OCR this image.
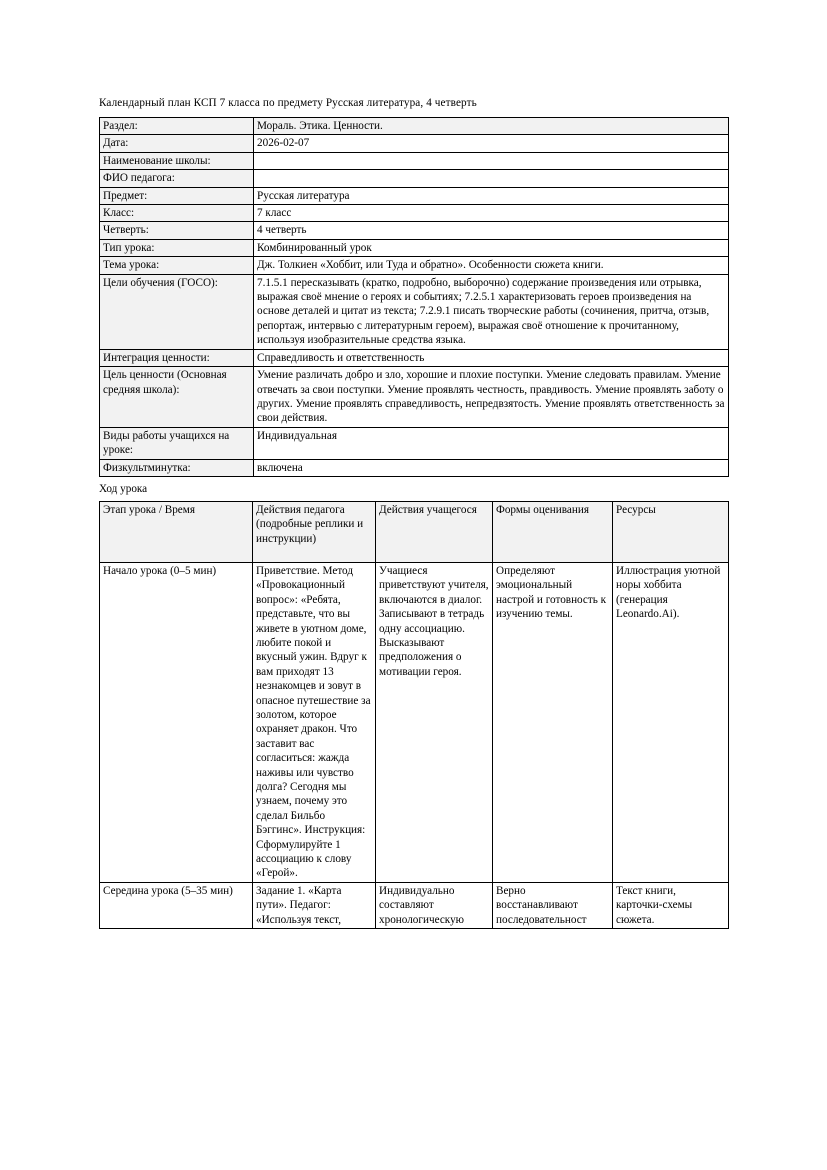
Календарный план КСП 7 класса по предмету Русская литература, 4 четверть
Раздел:	Мораль. Этика. Ценности.
Дата:	2026-02-07
Наименование школы:	
ФИО педагога:	
Предмет:	Русская литература
Класс:	7 класс
Четверть:	4 четверть
Тип урока:	Комбинированный урок
Тема урока:	Дж. Толкиен «Хоббит, или Туда и обратно». Особенности сюжета книги.
Цели обучения (ГОСО):	7.1.5.1 пересказывать (кратко, подробно, выборочно) содержание произведения или отрывка, выражая своё мнение о героях и событиях; 7.2.5.1 характеризовать героев произведения на основе деталей и цитат из текста; 7.2.9.1 писать творческие работы (сочинения, притча, отзыв, репортаж, интервью с литературным героем), выражая своё отношение к прочитанному, используя изобразительные средства языка.
Интеграция ценности:	Справедливость и ответственность
Цель ценности (Основная средняя школа):	Умение различать добро и зло, хорошие и плохие поступки. Умение следовать правилам. Умение отвечать за свои поступки. Умение проявлять честность, правдивость. Умение проявлять заботу о других. Умение проявлять справедливость, непредвзятость. Умение проявлять ответственность за свои действия.
Виды работы учащихся на уроке:	Индивидуальная
Физкультминутка:	включена
Ход урока
Этап урока / Время	Действия педагога (подробные реплики и инструкции)	Действия учащегося	Формы оценивания	Ресурсы
Начало урока (0–5 мин)	Приветствие. Метод «Провокационный вопрос»: «Ребята, представьте, что вы живете в уютном доме, любите покой и вкусный ужин. Вдруг к вам приходят 13 незнакомцев и зовут в опасное путешествие за золотом, которое охраняет дракон. Что заставит вас согласиться: жажда наживы или чувство долга? Сегодня мы узнаем, почему это сделал Бильбо Бэггинс». Инструкция: Сформулируйте 1 ассоциацию к слову «Герой».	Учащиеся приветствуют учителя, включаются в диалог. Записывают в тетрадь одну ассоциацию. Высказывают предположения о мотивации героя.	Определяют эмоциональный настрой и готовность к изучению темы.	Иллюстрация уютной норы хоббита (генерация Leonardo.Ai).
Середина урока (5–35 мин)	Задание 1. «Карта пути». Педагог: «Используя текст,	Индивидуально составляют хронологическую	Верно восстанавливают последовательност	Текст книги, карточки-схемы сюжета.
